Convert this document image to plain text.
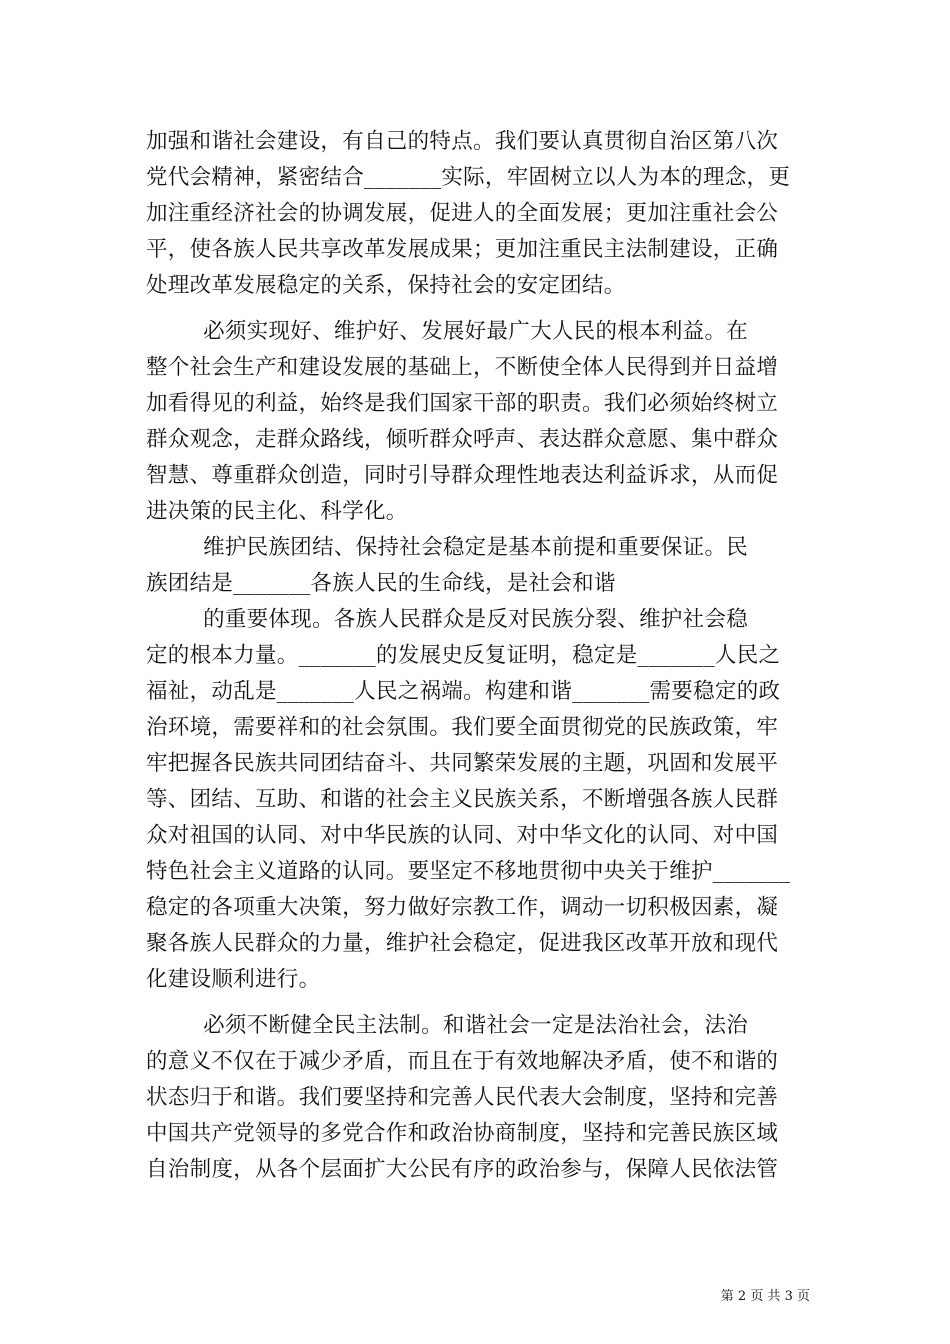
加强和谐社会建设，有自己的特点。我们要认真贯彻自治区第八次
党代会精神，紧密结合_______实际，牢固树立以人为本的理念，更
加注重经济社会的协调发展，促进人的全面发展；更加注重社会公
平，使各族人民共享改革发展成果；更加注重民主法制建设，正确
处理改革发展稳定的关系，保持社会的安定团结。
必须实现好、维护好、发展好最广大人民的根本利益。在
整个社会生产和建设发展的基础上，不断使全体人民得到并日益增
加看得见的利益，始终是我们国家干部的职责。我们必须始终树立
群众观念，走群众路线，倾听群众呼声、表达群众意愿、集中群众
智慧、尊重群众创造，同时引导群众理性地表达利益诉求，从而促
进决策的民主化、科学化。
维护民族团结、保持社会稳定是基本前提和重要保证。民
族团结是_______各族人民的生命线，是社会和谐
的重要体现。各族人民群众是反对民族分裂、维护社会稳
定的根本力量。_______的发展史反复证明，稳定是_______人民之
福祉，动乱是_______人民之祸端。构建和谐_______需要稳定的政
治环境，需要祥和的社会氛围。我们要全面贯彻党的民族政策，牢
牢把握各民族共同团结奋斗、共同繁荣发展的主题，巩固和发展平
等、团结、互助、和谐的社会主义民族关系，不断增强各族人民群
众对祖国的认同、对中华民族的认同、对中华文化的认同、对中国
特色社会主义道路的认同。要坚定不移地贯彻中央关于维护_______
稳定的各项重大决策，努力做好宗教工作，调动一切积极因素，凝
聚各族人民群众的力量，维护社会稳定，促进我区改革开放和现代
化建设顺利进行。
必须不断健全民主法制。和谐社会一定是法治社会，法治
的意义不仅在于减少矛盾，而且在于有效地解决矛盾，使不和谐的
状态归于和谐。我们要坚持和完善人民代表大会制度，坚持和完善
中国共产党领导的多党合作和政治协商制度，坚持和完善民族区域
自治制度，从各个层面扩大公民有序的政治参与，保障人民依法管
第 2 页 共 3 页
